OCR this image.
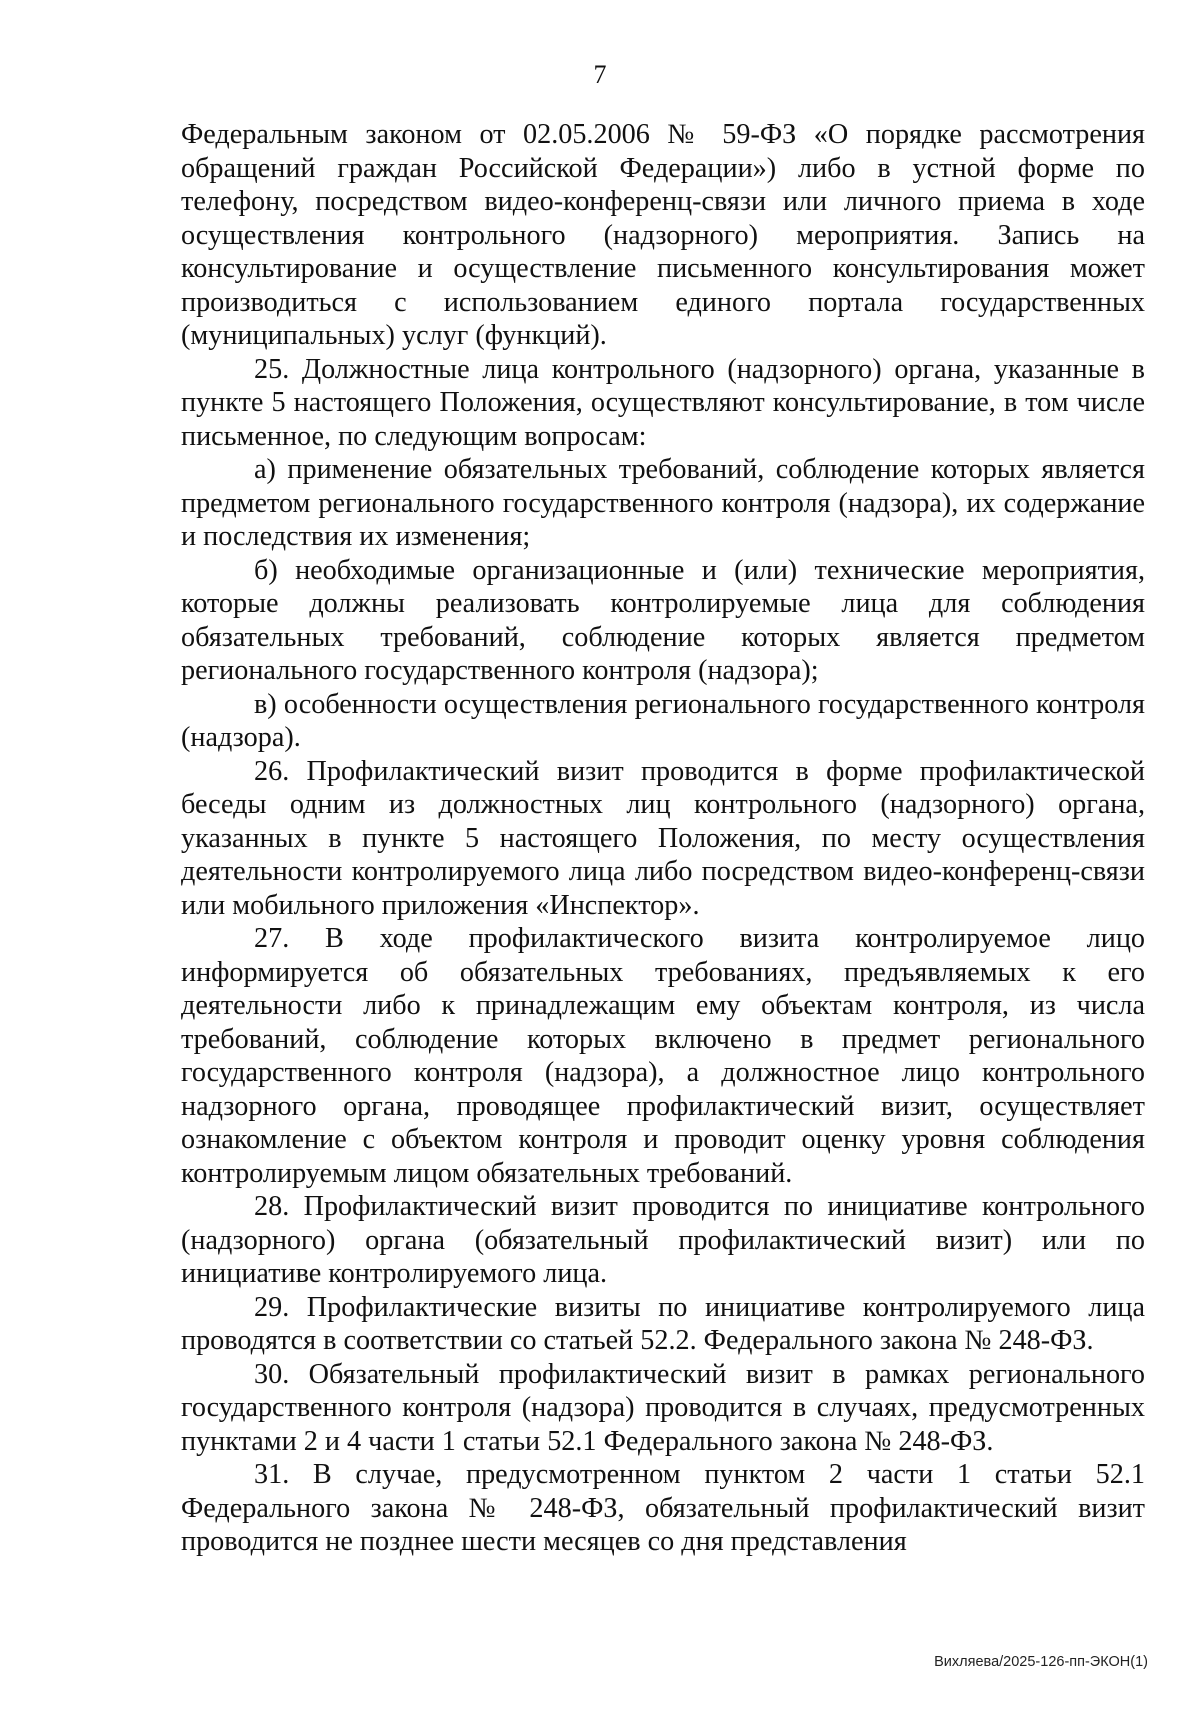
7

Федеральным законом от 02.05.2006 № 59-ФЗ «О порядке рассмотрения обращений граждан Российской Федерации») либо в устной форме по телефону, посредством видео-конференц-связи или личного приема в ходе осуществления контрольного (надзорного) мероприятия. Запись на консультирование и осуществление письменного консультирования может производиться с использованием единого портала государственных (муниципальных) услуг (функций).

25. Должностные лица контрольного (надзорного) органа, указанные в пункте 5 настоящего Положения, осуществляют консультирование, в том числе письменное, по следующим вопросам:

а) применение обязательных требований, соблюдение которых является предметом регионального государственного контроля (надзора), их содержание и последствия их изменения;

б) необходимые организационные и (или) технические мероприятия, которые должны реализовать контролируемые лица для соблюдения обязательных требований, соблюдение которых является предметом регионального государственного контроля (надзора);

в) особенности осуществления регионального государственного контроля (надзора).

26. Профилактический визит проводится в форме профилактической беседы одним из должностных лиц контрольного (надзорного) органа, указанных в пункте 5 настоящего Положения, по месту осуществления деятельности контролируемого лица либо посредством видео-конференц-связи или мобильного приложения «Инспектор».

27. В ходе профилактического визита контролируемое лицо информируется об обязательных требованиях, предъявляемых к его деятельности либо к принадлежащим ему объектам контроля, из числа требований, соблюдение которых включено в предмет регионального государственного контроля (надзора), а должностное лицо контрольного надзорного органа, проводящее профилактический визит, осуществляет ознакомление с объектом контроля и проводит оценку уровня соблюдения контролируемым лицом обязательных требований.

28. Профилактический визит проводится по инициативе контрольного (надзорного) органа (обязательный профилактический визит) или по инициативе контролируемого лица.

29. Профилактические визиты по инициативе контролируемого лица проводятся в соответствии со статьей 52.2. Федерального закона № 248-ФЗ.

30. Обязательный профилактический визит в рамках регионального государственного контроля (надзора) проводится в случаях, предусмотренных пунктами 2 и 4 части 1 статьи 52.1 Федерального закона № 248-ФЗ.

31. В случае, предусмотренном пунктом 2 части 1 статьи 52.1 Федерального закона № 248-ФЗ, обязательный профилактический визит проводится не позднее шести месяцев со дня представления

Вихляева/2025-126-пп-ЭКОН(1)
